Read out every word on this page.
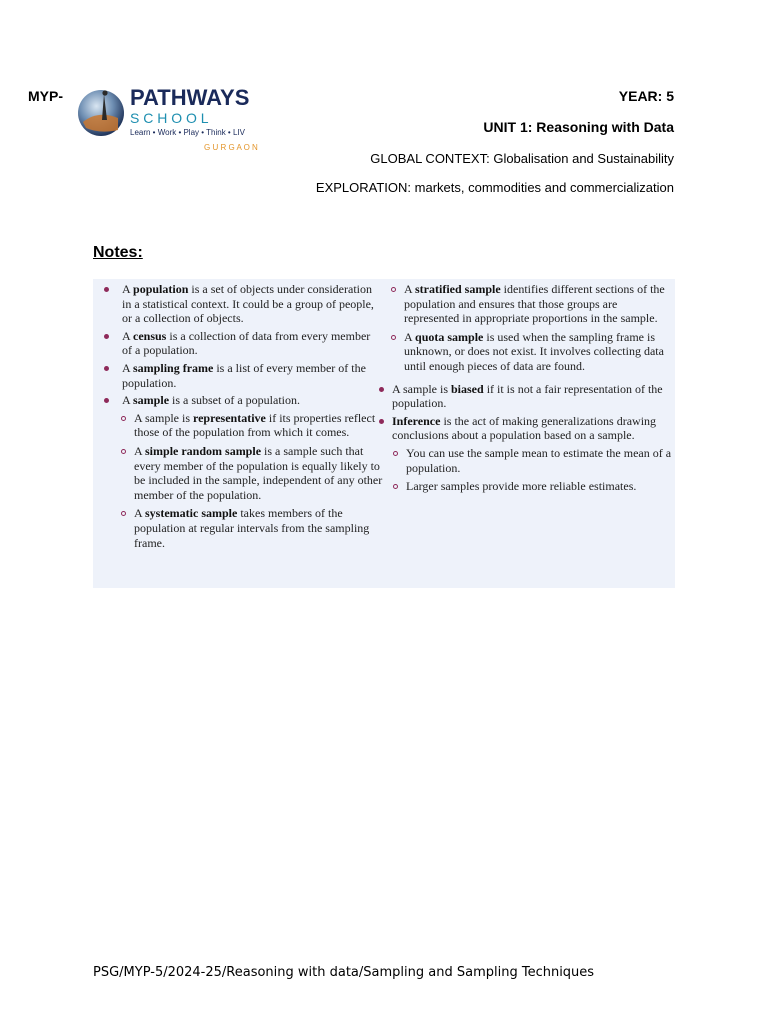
MYP-	PATHWAYS
S C H O O L
Learn • Work • Play • Think • LIV
G U R G A O N
YEAR: 5
UNIT 1: Reasoning with Data
GLOBAL CONTEXT: Globalisation and Sustainability
EXPLORATION: markets, commodities and commercialization
Notes:
A population is a set of objects under consideration in a statistical context. It could be a group of people, or a collection of objects.
A census is a collection of data from every member of a population.
A sampling frame is a list of every member of the population.
A sample is a subset of a population.
A sample is representative if its properties reflect those of the population from which it comes.
A simple random sample is a sample such that every member of the population is equally likely to be included in the sample, independent of any other member of the population.
A systematic sample takes members of the population at regular intervals from the sampling frame.
A stratified sample identifies different sections of the population and ensures that those groups are represented in appropriate proportions in the sample.
A quota sample is used when the sampling frame is unknown, or does not exist. It involves collecting data until enough pieces of data are found.
A sample is biased if it is not a fair representation of the population.
Inference is the act of making generalizations drawing conclusions about a population based on a sample.
You can use the sample mean to estimate the mean of a population.
Larger samples provide more reliable estimates.
PSG/MYP-5/2024-25/Reasoning with data/Sampling and Sampling Techniques
